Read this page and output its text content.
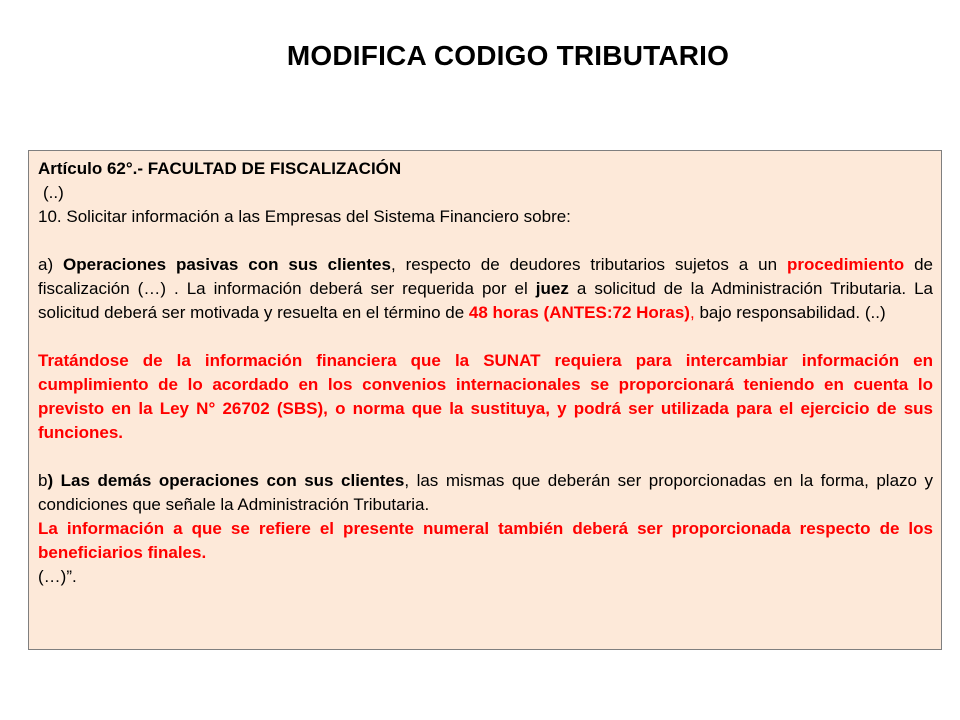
MODIFICA CODIGO TRIBUTARIO

Artículo 62°.- FACULTAD DE FISCALIZACIÓN

(..)

10. Solicitar información a las Empresas del Sistema Financiero sobre:

a) Operaciones pasivas con sus clientes, respecto de deudores tributarios sujetos a un procedimiento de fiscalización (…) . La información deberá ser requerida por el juez a solicitud de la Administración Tributaria. La solicitud deberá ser motivada y resuelta en el término de 48 horas (ANTES:72 Horas), bajo responsabilidad. (..)

Tratándose de la información financiera que la SUNAT requiera para intercambiar información en cumplimiento de lo acordado en los convenios internacionales se proporcionará teniendo en cuenta lo previsto en la Ley N° 26702 (SBS), o norma que la sustituya, y podrá ser utilizada para el ejercicio de sus funciones.

b) Las demás operaciones con sus clientes, las mismas que deberán ser proporcionadas en la forma, plazo y condiciones que señale la Administración Tributaria.

La información a que se refiere el presente numeral también deberá ser proporcionada respecto de los beneficiarios finales.

(…)”.
